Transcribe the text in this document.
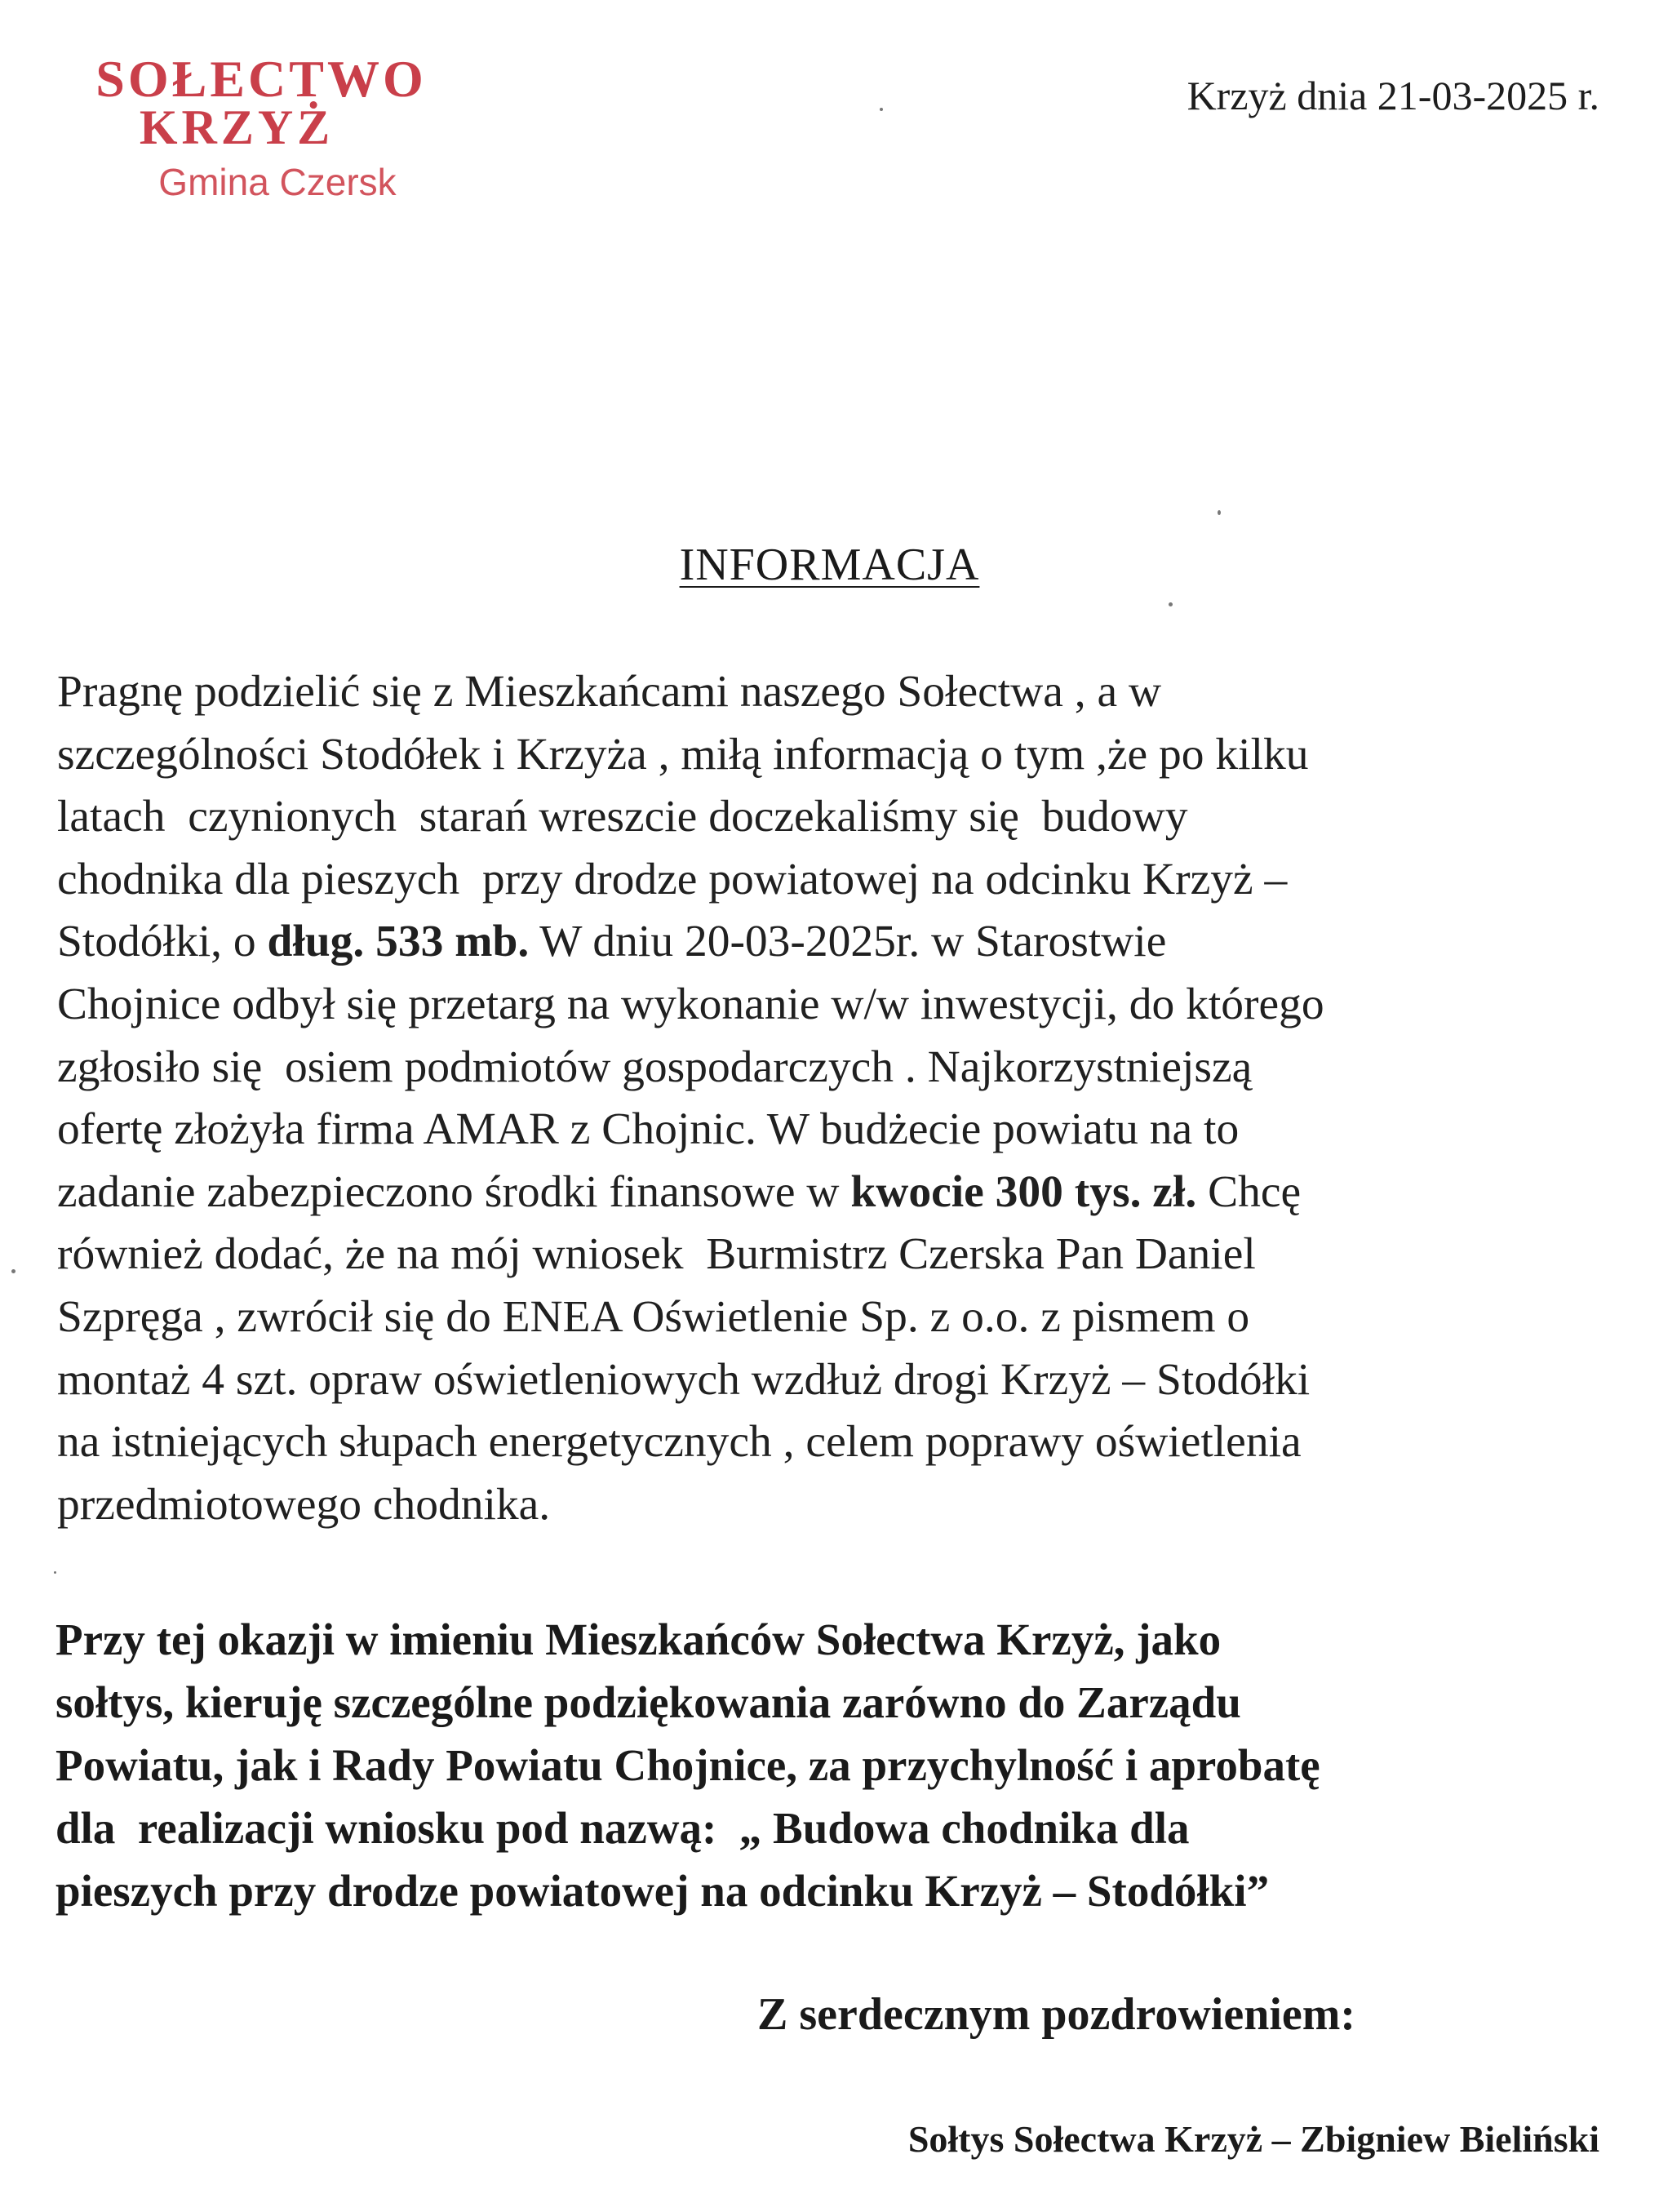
SOŁECTWO
KRZYŻ
Gmina Czersk
Krzyż dnia 21-03-2025 r.
INFORMACJA
Pragnę podzielić się z Mieszkańcami naszego Sołectwa , a w
szczególności Stodółek i Krzyża , miłą informacją o tym ,że po kilku
latach  czynionych  starań wreszcie doczekaliśmy się  budowy
chodnika dla pieszych  przy drodze powiatowej na odcinku Krzyż –
Stodółki, o dług. 533 mb. W dniu 20-03-2025r. w Starostwie
Chojnice odbył się przetarg na wykonanie w/w inwestycji, do którego
zgłosiło się  osiem podmiotów gospodarczych . Najkorzystniejszą
ofertę złożyła firma AMAR z Chojnic. W budżecie powiatu na to
zadanie zabezpieczono środki finansowe w kwocie 300 tys. zł. Chcę
również dodać, że na mój wniosek  Burmistrz Czerska Pan Daniel
Szpręga , zwrócił się do ENEA Oświetlenie Sp. z o.o. z pismem o
montaż 4 szt. opraw oświetleniowych wzdłuż drogi Krzyż – Stodółki
na istniejących słupach energetycznych , celem poprawy oświetlenia
przedmiotowego chodnika.
Przy tej okazji w imieniu Mieszkańców Sołectwa Krzyż, jako
sołtys, kieruję szczególne podziękowania zarówno do Zarządu
Powiatu, jak i Rady Powiatu Chojnice, za przychylność i aprobatę
dla  realizacji wniosku pod nazwą:  „ Budowa chodnika dla
pieszych przy drodze powiatowej na odcinku Krzyż – Stodółki”
Z serdecznym pozdrowieniem:
Sołtys Sołectwa Krzyż – Zbigniew Bieliński
